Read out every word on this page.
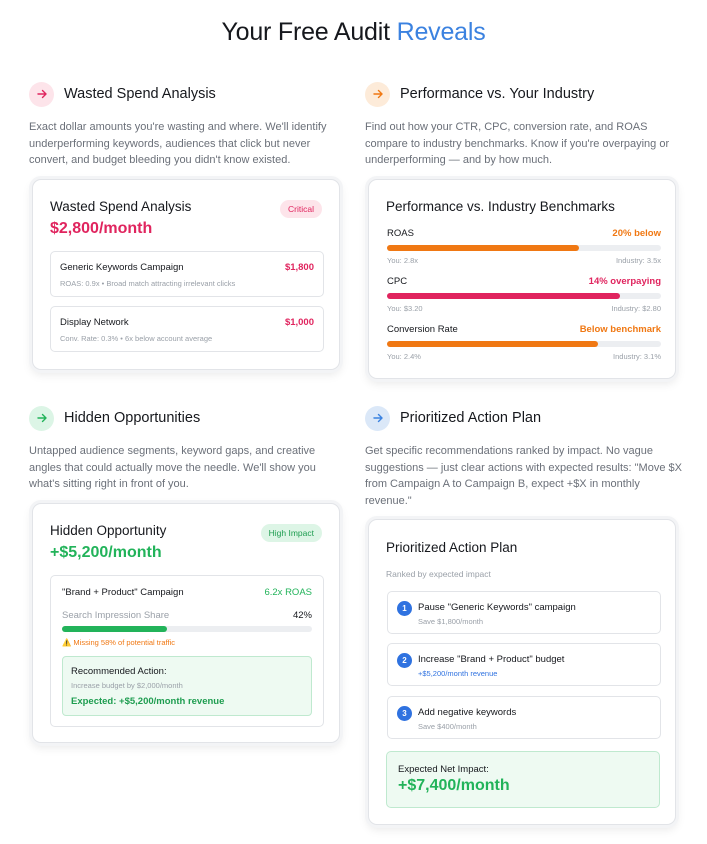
Your Free Audit Reveals
Wasted Spend Analysis

Exact dollar amounts you're wasting and where. We'll identify underperforming keywords, audiences that click but never convert, and budget bleeding you didn't know existed.

Wasted Spend Analysis
$2,800/month
Critical
Generic Keywords Campaign	$1,800
ROAS: 0.9x • Broad match attracting irrelevant clicks
Display Network	$1,000
Conv. Rate: 0.3% • 6x below account average
Performance vs. Your Industry

Find out how your CTR, CPC, conversion rate, and ROAS compare to industry benchmarks. Know if you're overpaying or underperforming — and by how much.

Performance vs. Industry Benchmarks
ROAS	20% below
You: 2.8x	Industry: 3.5x
CPC	14% overpaying
You: $3.20	Industry: $2.80
Conversion Rate	Below benchmark
You: 2.4%	Industry: 3.1%
Hidden Opportunities

Untapped audience segments, keyword gaps, and creative angles that could actually move the needle. We'll show you what's sitting right in front of you.

Hidden Opportunity
+$5,200/month
High Impact
"Brand + Product" Campaign	6.2x ROAS
Search Impression Share	42%
⚠️ Missing 58% of potential traffic
Recommended Action:
Increase budget by $2,000/month
Expected: +$5,200/month revenue
Prioritized Action Plan

Get specific recommendations ranked by impact. No vague suggestions — just clear actions with expected results: "Move $X from Campaign A to Campaign B, expect +$X in monthly revenue."

Prioritized Action Plan
Ranked by expected impact
1	Pause "Generic Keywords" campaign
Save $1,800/month
2	Increase "Brand + Product" budget
+$5,200/month revenue
3	Add negative keywords
Save $400/month
Expected Net Impact:
+$7,400/month
